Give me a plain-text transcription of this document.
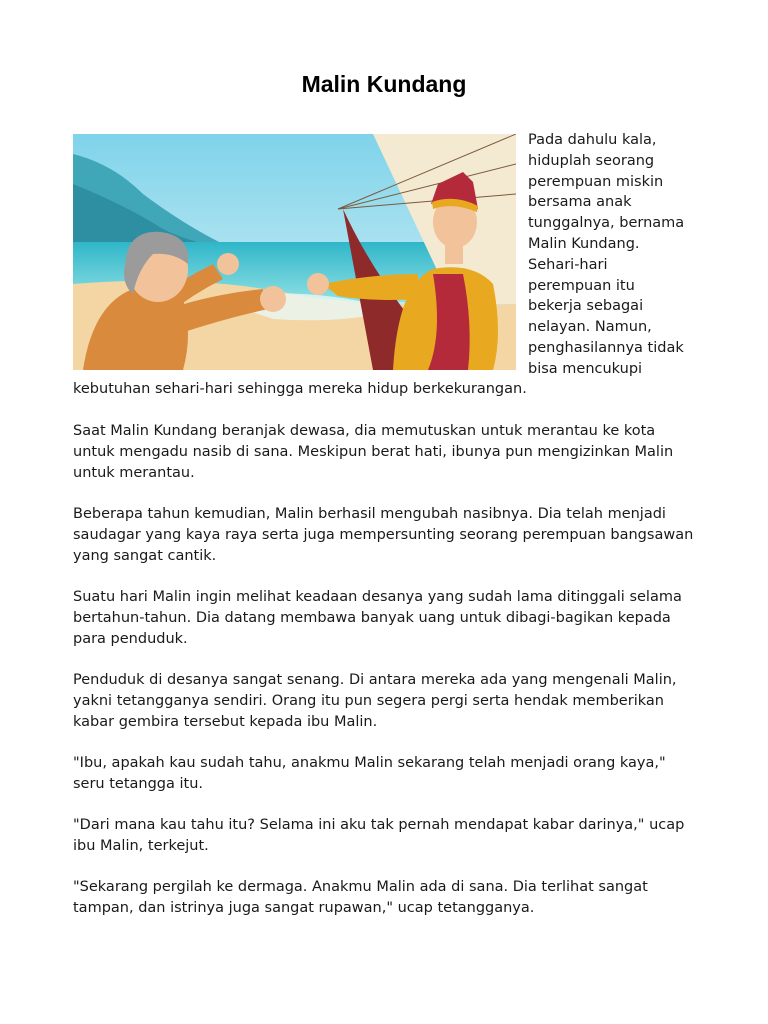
Malin Kundang
Pada dahulu kala,
hiduplah seorang
perempuan miskin
bersama anak
tunggalnya, bernama
Malin Kundang.
Sehari-hari
perempuan itu
bekerja sebagai
nelayan. Namun,
penghasilannya tidak
bisa mencukupi
kebutuhan sehari-hari sehingga mereka hidup berkekurangan.
Saat Malin Kundang beranjak dewasa, dia memutuskan untuk merantau ke kota
untuk mengadu nasib di sana. Meskipun berat hati, ibunya pun mengizinkan Malin
untuk merantau.
Beberapa tahun kemudian, Malin berhasil mengubah nasibnya. Dia telah menjadi
saudagar yang kaya raya serta juga mempersunting seorang perempuan bangsawan
yang sangat cantik.
Suatu hari Malin ingin melihat keadaan desanya yang sudah lama ditinggali selama
bertahun-tahun. Dia datang membawa banyak uang untuk dibagi-bagikan kepada
para penduduk.
Penduduk di desanya sangat senang. Di antara mereka ada yang mengenali Malin,
yakni tetangganya sendiri. Orang itu pun segera pergi serta hendak memberikan
kabar gembira tersebut kepada ibu Malin.
"Ibu, apakah kau sudah tahu, anakmu Malin sekarang telah menjadi orang kaya,"
seru tetangga itu.
"Dari mana kau tahu itu? Selama ini aku tak pernah mendapat kabar darinya," ucap
ibu Malin, terkejut.
"Sekarang pergilah ke dermaga. Anakmu Malin ada di sana. Dia terlihat sangat
tampan, dan istrinya juga sangat rupawan," ucap tetangganya.
